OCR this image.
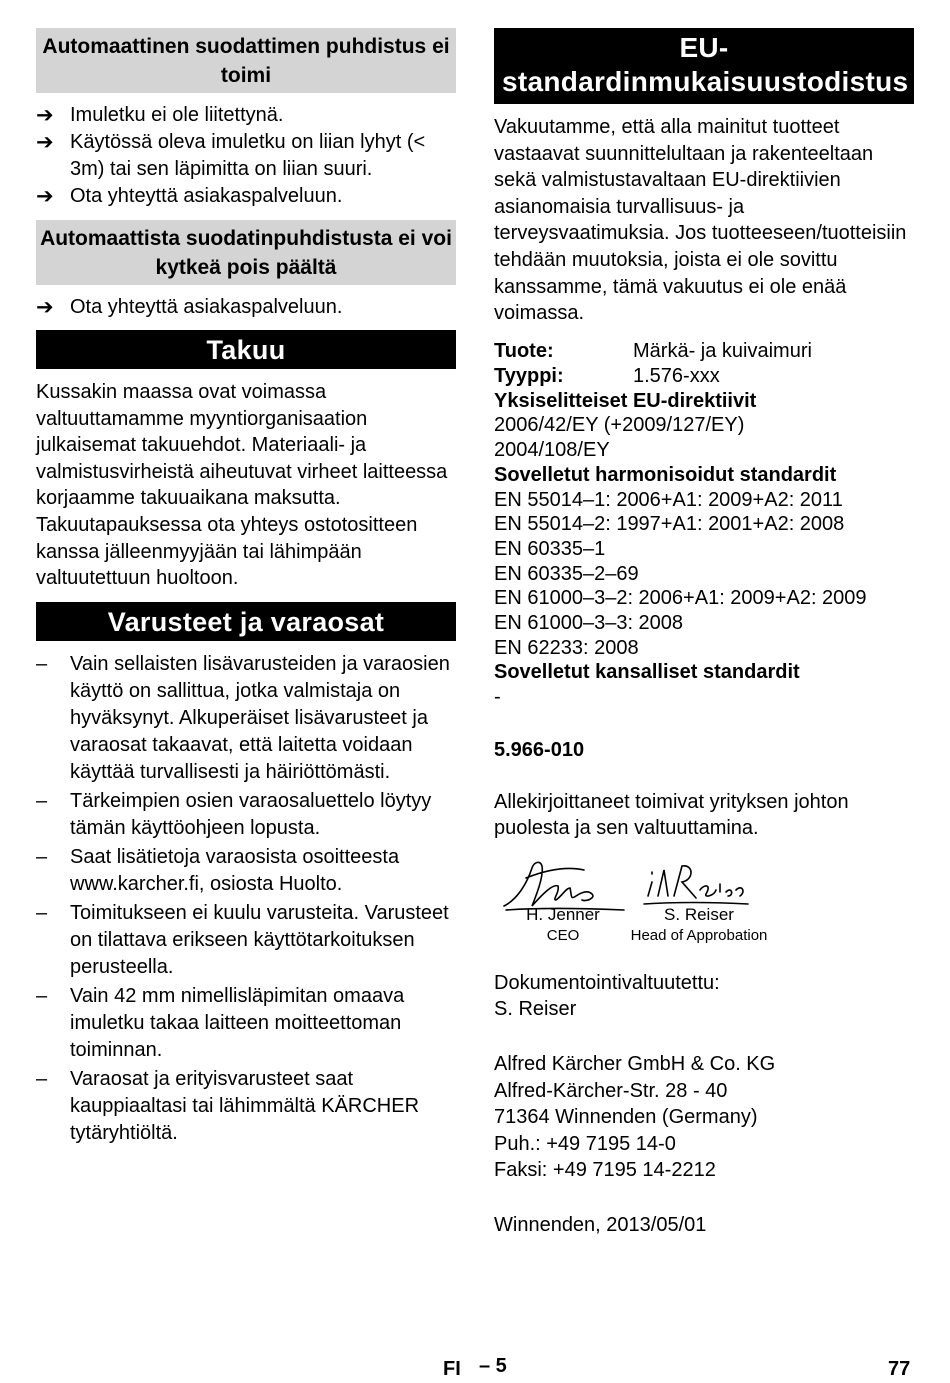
Automaattinen suodattimen puhdistus ei toimi
➔ Imuletku ei ole liitettynä.
➔ Käytössä oleva imuletku on liian lyhyt (< 3m) tai sen läpimitta on liian suuri.
➔ Ota yhteyttä asiakaspalveluun.
Automaattista suodatinpuhdistusta ei voi kytkeä pois päältä
➔ Ota yhteyttä asiakaspalveluun.
Takuu

Kussakin maassa ovat voimassa valtuuttamamme myyntiorganisaation julkaisemat takuuehdot. Materiaali- ja valmistusvirheistä aiheutuvat virheet laitteessa korjaamme takuuaikana maksutta. Takuutapauksessa ota yhteys ostotositteen kanssa jälleenmyyjään tai lähimpään valtuutettuun huoltoon.

Varusteet ja varaosat
– Vain sellaisten lisävarusteiden ja varaosien käyttö on sallittua, jotka valmistaja on hyväksynyt. Alkuperäiset lisävarusteet ja varaosat takaavat, että laitetta voidaan käyttää turvallisesti ja häiriöttömästi.
– Tärkeimpien osien varaosaluettelo löytyy tämän käyttöohjeen lopusta.
– Saat lisätietoja varaosista osoitteesta www.karcher.fi, osiosta Huolto.
– Toimitukseen ei kuulu varusteita. Varusteet on tilattava erikseen käyttötarkoituksen perusteella.
– Vain 42 mm nimellisläpimitan omaava imuletku takaa laitteen moitteettoman toiminnan.
– Varaosat ja erityisvarusteet saat kauppiaaltasi tai lähimmältä KÄRCHER tytäryhtiöltä.
EU-standardinmukaisuustodistus

Vakuutamme, että alla mainitut tuotteet vastaavat suunnittelultaan ja rakenteeltaan sekä valmistustavaltaan EU-direktiivien asianomaisia turvallisuus- ja terveysvaatimuksia. Jos tuotteeseen/tuotteisiin tehdään muutoksia, joista ei ole sovittu kanssamme, tämä vakuutus ei ole enää voimassa.

Tuote:	Märkä- ja kuivaimuri
Tyyppi:	1.576-xxx
Yksiselitteiset EU-direktiivit
2006/42/EY (+2009/127/EY)
2004/108/EY
Sovelletut harmonisoidut standardit
EN 55014–1: 2006+A1: 2009+A2: 2011
EN 55014–2: 1997+A1: 2001+A2: 2008
EN 60335–1
EN 60335–2–69
EN 61000–3–2: 2006+A1: 2009+A2: 2009
EN 61000–3–3: 2008
EN 62233: 2008
Sovelletut kansalliset standardit
-
5.966-010

Allekirjoittaneet toimivat yrityksen johton puolesta ja sen valtuuttamina.

H. Jenner
CEO
S. Reiser
Head of Approbation
Dokumentointivaltuutettu:
S. Reiser
Alfred Kärcher GmbH & Co. KG
Alfred-Kärcher-Str. 28 - 40
71364 Winnenden (Germany)
Puh.: +49 7195 14-0
Faksi: +49 7195 14-2212
Winnenden, 2013/05/01
FI – 5	77
